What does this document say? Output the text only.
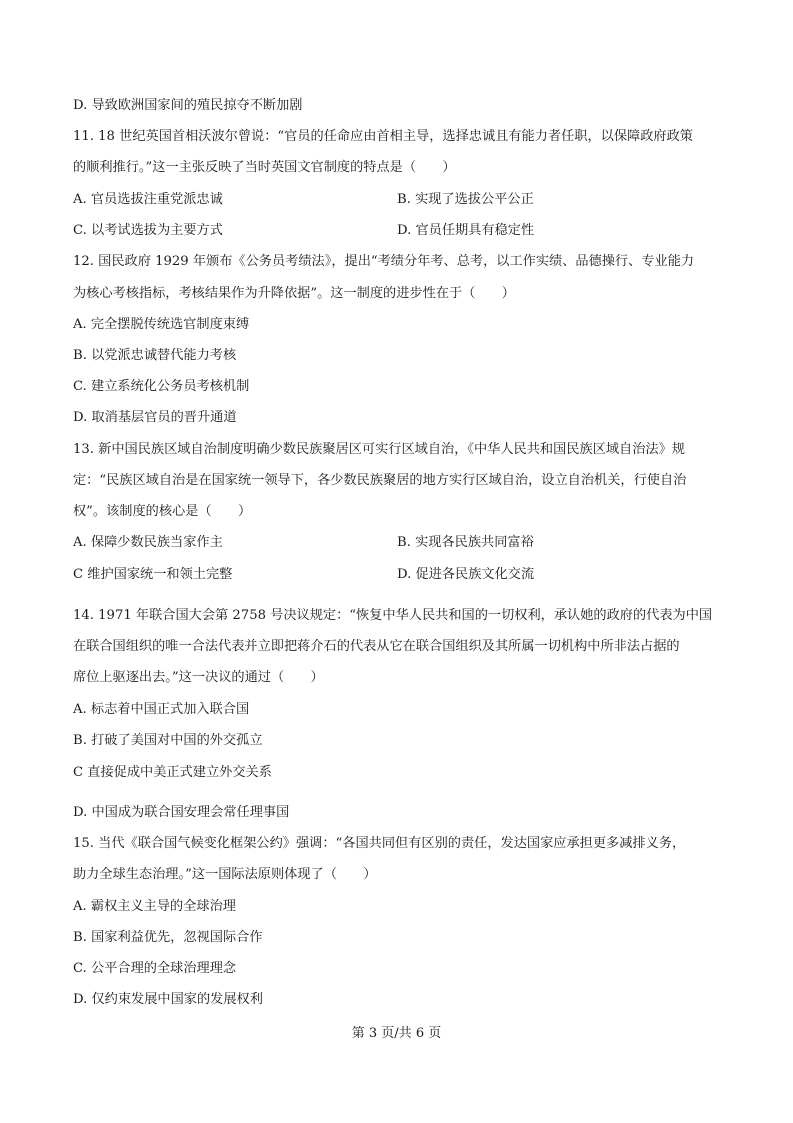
D. 导致欧洲国家间的殖民掠夺不断加剧
11. 18 世纪英国首相沃波尔曾说：“官员的任命应由首相主导，选择忠诚且有能力者任职，以保障政府政策
的顺利推行。”这一主张反映了当时英国文官制度的特点是（　　）
A. 官员选拔注重党派忠诚	B. 实现了选拔公平公正
C. 以考试选拔为主要方式	D. 官员任期具有稳定性
12. 国民政府 1929 年颁布《公务员考绩法》，提出“考绩分年考、总考，以工作实绩、品德操行、专业能力
为核心考核指标，考核结果作为升降依据”。这一制度的进步性在于（　　）
A. 完全摆脱传统选官制度束缚
B. 以党派忠诚替代能力考核
C. 建立系统化公务员考核机制
D. 取消基层官员的晋升通道
13. 新中国民族区域自治制度明确少数民族聚居区可实行区域自治，《中华人民共和国民族区域自治法》规
定：“民族区域自治是在国家统一领导下，各少数民族聚居的地方实行区域自治，设立自治机关，行使自治
权”。该制度的核心是（　　）
A. 保障少数民族当家作主	B. 实现各民族共同富裕
C 维护国家统一和领土完整	D. 促进各民族文化交流
14. 1971 年联合国大会第 2758 号决议规定：“恢复中华人民共和国的一切权利，承认她的政府的代表为中国
在联合国组织的唯一合法代表并立即把蒋介石的代表从它在联合国组织及其所属一切机构中所非法占据的
席位上驱逐出去。”这一决议的通过（　　）
A. 标志着中国正式加入联合国
B. 打破了美国对中国的外交孤立
C 直接促成中美正式建立外交关系
D. 中国成为联合国安理会常任理事国
15. 当代《联合国气候变化框架公约》强调：“各国共同但有区别的责任，发达国家应承担更多减排义务，
助力全球生态治理。”这一国际法原则体现了（　　）
A. 霸权主义主导的全球治理
B. 国家利益优先，忽视国际合作
C. 公平合理的全球治理理念
D. 仅约束发展中国家的发展权利
第 3 页/共 6 页
